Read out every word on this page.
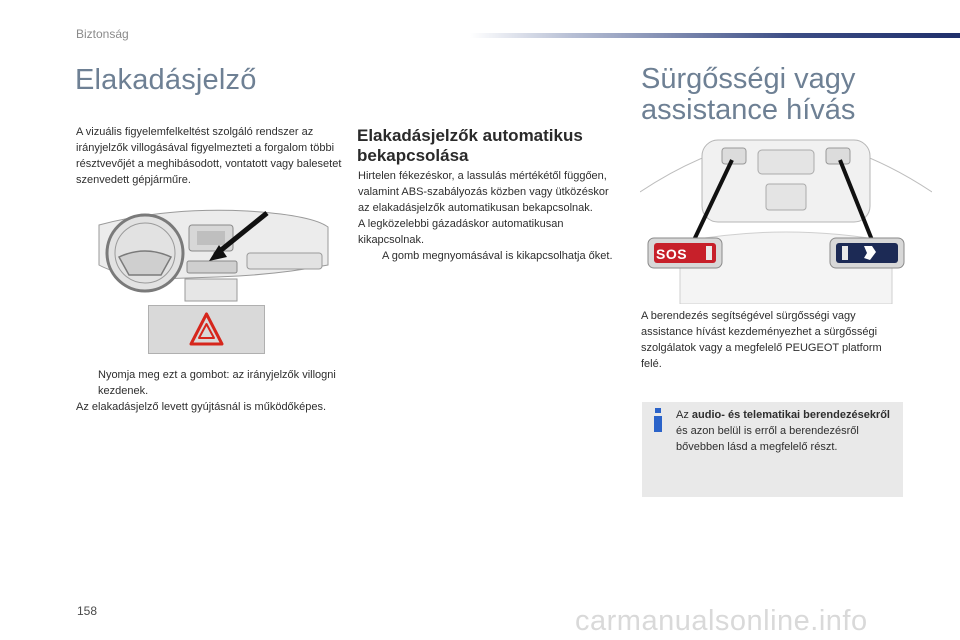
Biztonság
Elakadásjelző

A vizuális figyelemfelkeltést szolgáló rendszer az irányjelzők villogásával figyelmezteti a forgalom többi résztvevőjét a meghibásodott, vontatott vagy balesetet szenvedett gépjárműre.

Nyomja meg ezt a gombot: az irányjelzők villogni kezdenek.
Az elakadásjelző levett gyújtásnál is működőképes.
Elakadásjelzők automatikus bekapcsolása
Hirtelen fékezéskor, a lassulás mértékétől függően, valamint ABS-szabályozás közben vagy ütközéskor az elakadásjelzők automatikusan bekapcsolnak.
A legközelebbi gázadáskor automatikusan kikapcsolnak.
A gomb megnyomásával is kikapcsolhatja őket.
Sürgősségi vagy assistance hívás
SOS

A berendezés segítségével sürgősségi vagy assistance hívást kezdeményezhet a sürgősségi szolgálatok vagy a megfelelő PEUGEOT platform felé.

Az audio- és telematikai berendezésekről és azon belül is erről a berendezésről bővebben lásd a megfelelő részt.
158	carmanualsonline.info
